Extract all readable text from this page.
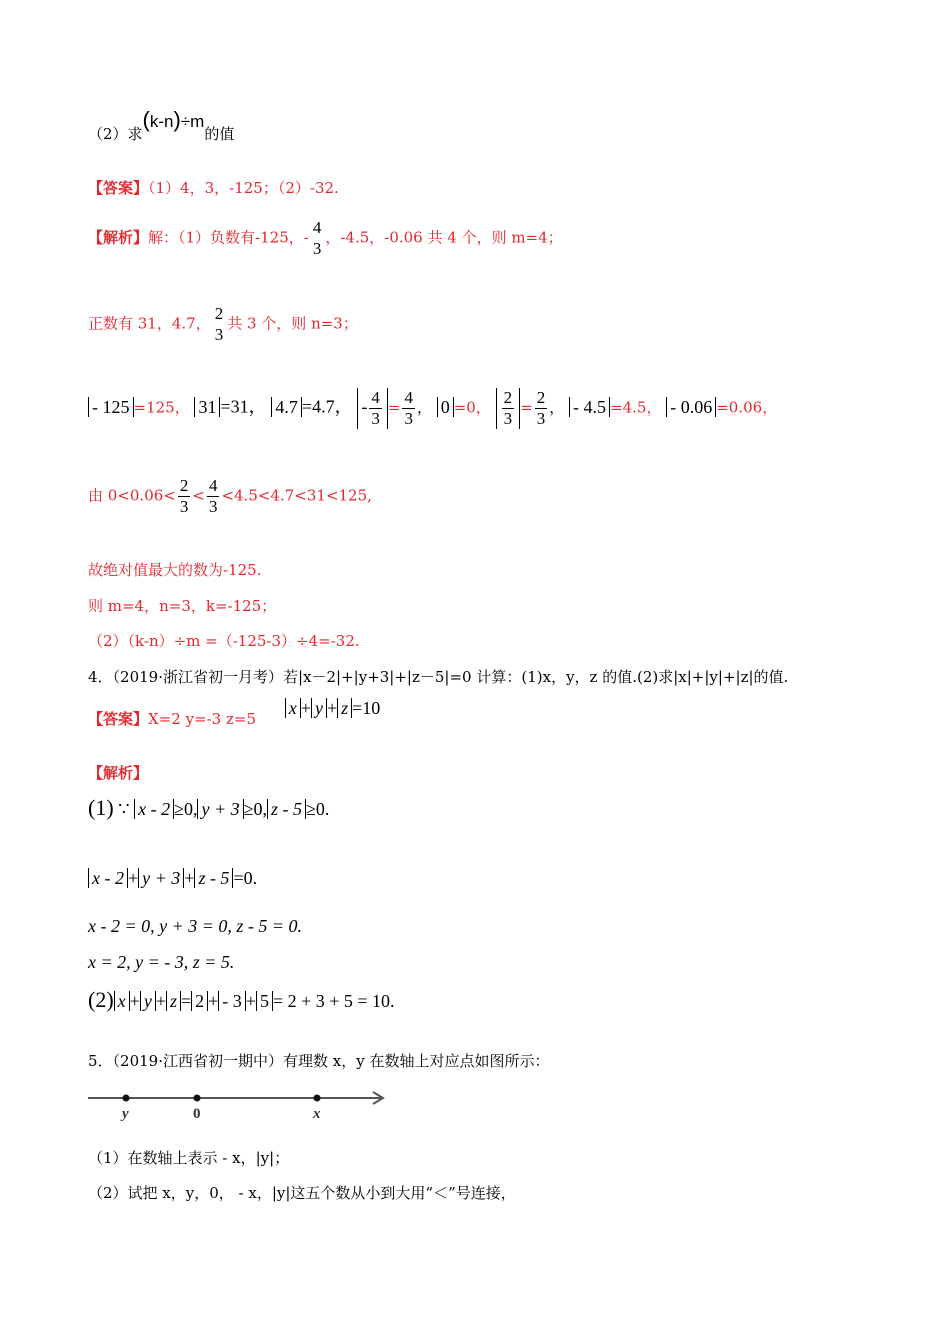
（2）求(k-n)÷m的值
【答案】（1）4，3，-125；（2）-32.
【解析】解：（1）负数有-125，-
4
3
，-4.5，-0.06 共 4 个，则 m=4；
正数有 31，4.7，
2
3
共 3 个，则 n=3；
- 125 =125， 31 =31， 4.7 =4.7， - $\frac{4}{3} = \frac{4}{3}$ ， 0 =0， $\frac{2}{3} = \frac{2}{3}$ ， - 4.5 =4.5， - 0.06 =0.06，
由 $0<0.06< \frac{2}{3} < \frac{4}{3} <4.5<4.7<31<125$,
故绝对值最大的数为-125.
则 m=4，n=3，k=-125；
（2）（k-n）÷m =（-125-3）÷4=-32.
4．（2019·浙江省初一月考）若|x－2|+|y+3|+|z－5|=0 计算：(1)x，y，z 的值.(2)求|x|+|y|+|z|的值.
【答案】X=2 y=-3 z=5 x + y + z =10
【解析】
(1) ∵ x - 2 ≥0, y + 3 ≥0, z - 5 ≥0.
x - 2 + y + 3 + z - 5 =0.
x - 2 = 0, y + 3 = 0, z - 5 = 0.
x = 2, y = - 3, z = 5.
(2) x + y + z = 2 + - 3 + 5 = 2 + 3 + 5 = 10.
5．（2019·江西省初一期中）有理数 x，y 在数轴上对应点如图所示：
y	0	x
（1）在数轴上表示 - x，|y|；
（2）试把 x，y，0， - x，|y|这五个数从小到大用“＜”号连接，
